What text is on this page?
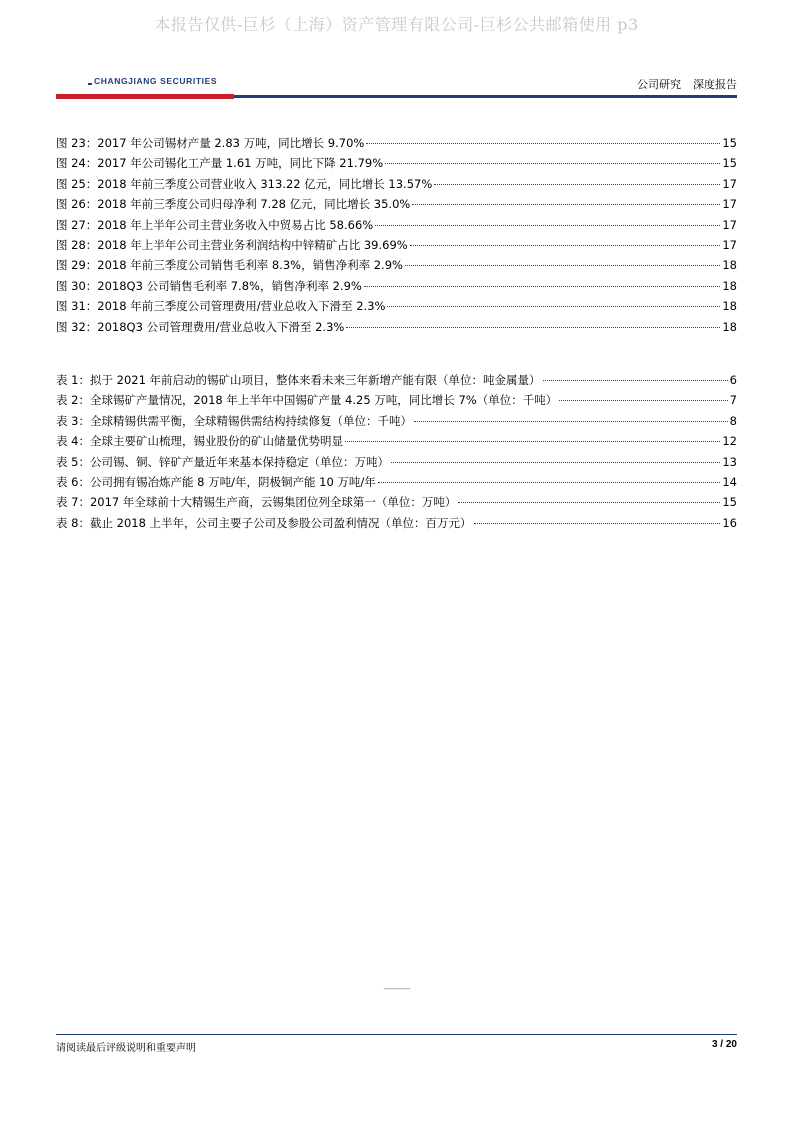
本报告仅供-巨杉（上海）资产管理有限公司-巨杉公共邮箱使用 p3
CHANGJIANG SECURITIES	公司研究 深度报告
图 23：2017 年公司锡材产量 2.83 万吨，同比增长 9.70%	15
图 24：2017 年公司锡化工产量 1.61 万吨，同比下降 21.79%	15
图 25：2018 年前三季度公司营业收入 313.22 亿元，同比增长 13.57%	17
图 26：2018 年前三季度公司归母净利 7.28 亿元，同比增长 35.0%	17
图 27：2018 年上半年公司主营业务收入中贸易占比 58.66%	17
图 28：2018 年上半年公司主营业务利润结构中锌精矿占比 39.69%	17
图 29：2018 年前三季度公司销售毛利率 8.3%，销售净利率 2.9%	18
图 30：2018Q3 公司销售毛利率 7.8%，销售净利率 2.9%	18
图 31：2018 年前三季度公司管理费用/营业总收入下滑至 2.3%	18
图 32：2018Q3 公司管理费用/营业总收入下滑至 2.3%	18
表 1：拟于 2021 年前启动的锡矿山项目，整体来看未来三年新增产能有限（单位：吨金属量）	6
表 2：全球锡矿产量情况，2018 年上半年中国锡矿产量 4.25 万吨，同比增长 7%（单位：千吨）	7
表 3：全球精锡供需平衡，全球精锡供需结构持续修复（单位：千吨）	8
表 4：全球主要矿山梳理，锡业股份的矿山储量优势明显	12
表 5：公司锡、铜、锌矿产量近年来基本保持稳定（单位：万吨）	13
表 6：公司拥有锡冶炼产能 8 万吨/年，阴极铜产能 10 万吨/年	14
表 7：2017 年全球前十大精锡生产商，云锡集团位列全球第一（单位：万吨）	15
表 8：截止 2018 上半年，公司主要子公司及参股公司盈利情况（单位：百万元）	16
--------------
请阅读最后评级说明和重要声明	3 / 20
